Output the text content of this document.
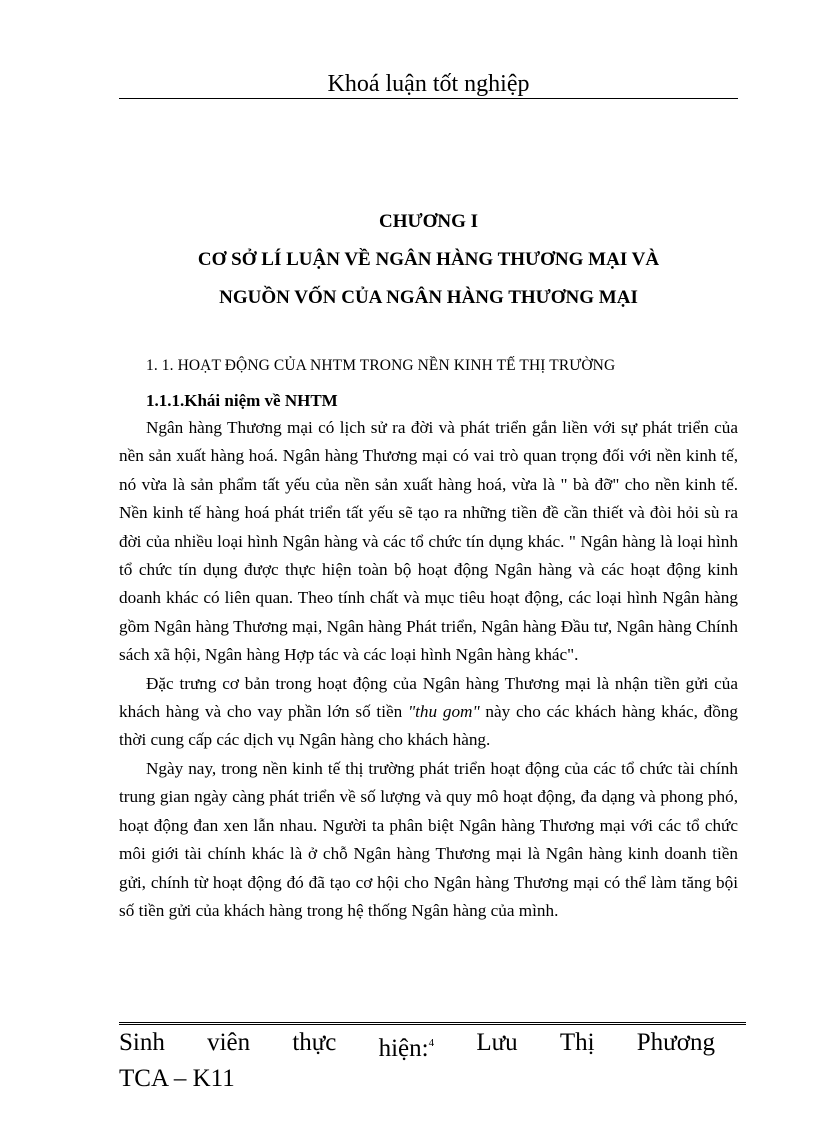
Khoá luận tốt nghiệp
CHƯƠNG I
CƠ SỞ LÍ LUẬN VỀ NGÂN HÀNG THƯƠNG MẠI VÀ
NGUỒN VỐN CỦA NGÂN HÀNG THƯƠNG MẠI
1. 1. HOẠT ĐỘNG CỦA NHTM TRONG NỀN KINH TẾ THỊ TRƯỜNG
1.1.1.Khái niệm về NHTM

Ngân hàng Thương mại có lịch sử ra đời và phát triển gắn liền với sự phát triển của nền sản xuất hàng hoá. Ngân hàng Thương mại có vai trò quan trọng đối với nền kinh tế, nó vừa là sản phẩm tất yếu của nền sản xuất hàng hoá, vừa là " bà đỡ" cho nền kinh tế. Nền kinh tế hàng hoá phát triển tất yếu sẽ tạo ra những tiền đề cần thiết và đòi hỏi sù ra đời của nhiều loại hình Ngân hàng và các tổ chức tín dụng khác. " Ngân hàng là loại hình tổ chức tín dụng được thực hiện toàn bộ hoạt động Ngân hàng và các hoạt động kinh doanh khác có liên quan. Theo tính chất và mục tiêu hoạt động, các loại hình Ngân hàng gồm Ngân hàng Thương mại, Ngân hàng Phát triển, Ngân hàng Đầu tư, Ngân hàng Chính sách xã hội, Ngân hàng Hợp tác và các loại hình Ngân hàng khác".

Đặc trưng cơ bản trong hoạt động của Ngân hàng Thương mại là nhận tiền gửi của khách hàng và cho vay phần lớn số tiền "thu gom" này cho các khách hàng khác, đồng thời cung cấp các dịch vụ Ngân hàng cho khách hàng.

Ngày nay, trong nền kinh tế thị trường phát triển hoạt động của các tổ chức tài chính trung gian ngày càng phát triển về số lượng và quy mô hoạt động, đa dạng và phong phó, hoạt động đan xen lẫn nhau. Người ta phân biệt Ngân hàng Thương mại với các tổ chức môi giới tài chính khác là ở chỗ Ngân hàng Thương mại là Ngân hàng kinh doanh tiền gửi, chính từ hoạt động đó đã tạo cơ hội cho Ngân hàng Thương mại có thể làm tăng bội số tiền gửi của khách hàng trong hệ thống Ngân hàng của mình.

Sinh viên thực hiện:$^4$ Lưu Thị Phương
TCA – K11
